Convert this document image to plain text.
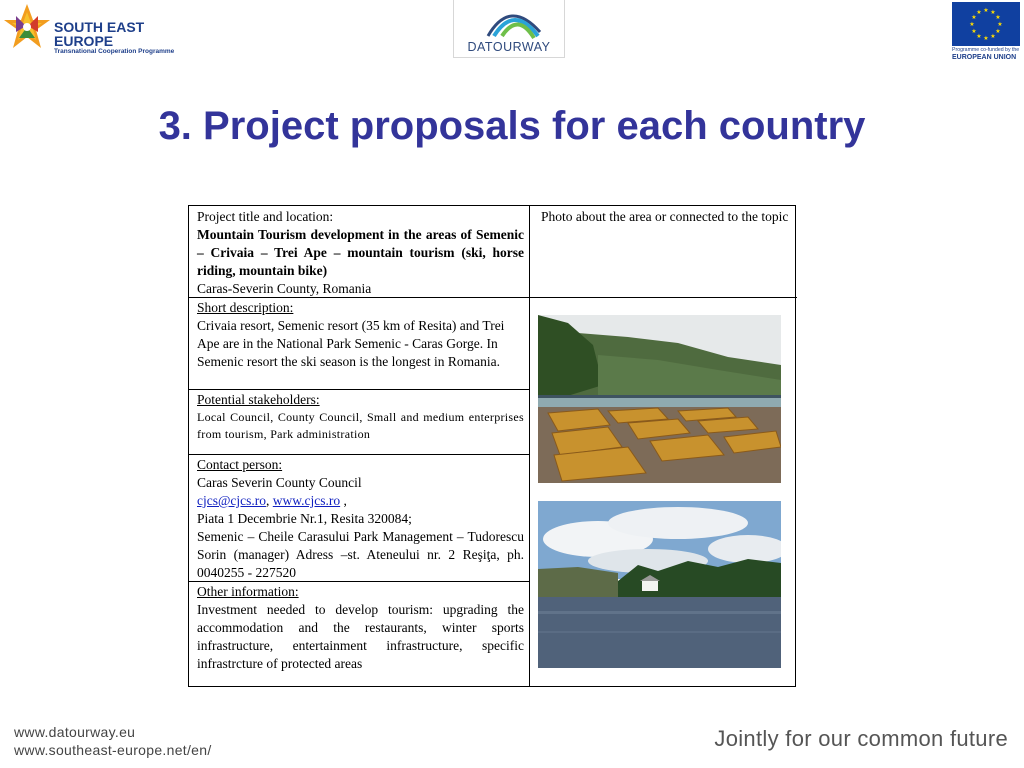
SOUTH EAST
EUROPE
Transnational Cooperation Programme	DATOURWAY
★ ★
★
★
★
★
★
★
★
★
★
★
Programme co-funded by the
EUROPEAN UNION
3. Project proposals for each country
Project title and location:
Mountain Tourism development in the areas of Semenic – Crivaia – Trei Ape – mountain tourism (ski, horse riding, mountain bike)
Caras-Severin County, Romania
Photo about the area or connected to the topic
Short description:
Crivaia resort, Semenic resort (35 km of Resita) and Trei Ape are in the National Park Semenic - Caras Gorge. In Semenic resort the ski season is the longest in Romania.
Potential stakeholders:
Local Council, County Council, Small and medium enterprises from tourism, Park administration
Contact person:
Caras Severin County Council
cjcs@cjcs.ro, www.cjcs.ro ,
Piata 1 Decembrie Nr.1, Resita 320084;
Semenic – Cheile Carasului Park Management – Tudorescu Sorin (manager) Adress –st. Ateneului nr. 2 Reşiţa, ph. 0040255 - 227520
Other information:
Investment needed to develop tourism: upgrading the accommodation and the restaurants, winter sports infrastructure, entertainment infrastructure, specific infrastrcture of protected areas
www.datourway.eu
www.southeast-europe.net/en/	Jointly for our common future
